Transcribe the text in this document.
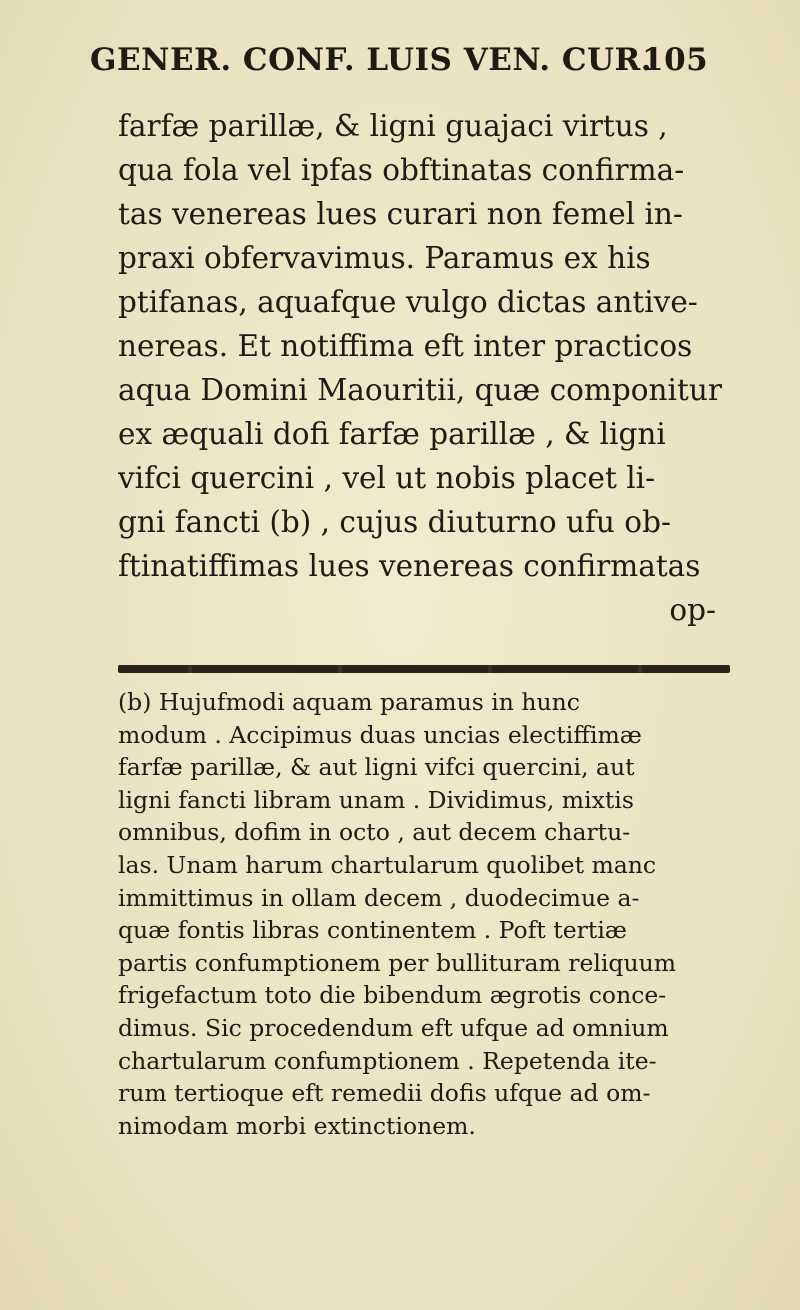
GENER. CONF. LUIS VEN. CUR.
105
farfæ parillæ, & ligni guajaci virtus ,
qua fola vel ipfas obftinatas confirma-
tas venereas lues curari non femel in-
praxi obfervavimus. Paramus ex his
ptifanas, aquafque vulgo dictas antive-
nereas. Et notiffima eft inter practicos
aqua Domini Maouritii, quæ componitur
ex æquali dofi farfæ parillæ , & ligni
vifci quercini , vel ut nobis placet li-
gni fancti (b) , cujus diuturno ufu ob-
ftinatiffimas lues venereas confirmatas
op-
(b) Hujufmodi aquam paramus in hunc
modum . Accipimus duas uncias electiffimæ
farfæ parillæ, & aut ligni vifci quercini, aut
ligni fancti libram unam . Dividimus, mixtis
omnibus, dofim in octo , aut decem chartu-
las. Unam harum chartularum quolibet manc
immittimus in ollam decem , duodecimue a-
quæ fontis libras continentem . Poft tertiæ
partis confumptionem per bullituram reliquum
frigefactum toto die bibendum ægrotis conce-
dimus. Sic procedendum eft ufque ad omnium
chartularum confumptionem . Repetenda ite-
rum tertioque eft remedii dofis ufque ad om-
nimodam morbi extinctionem.
